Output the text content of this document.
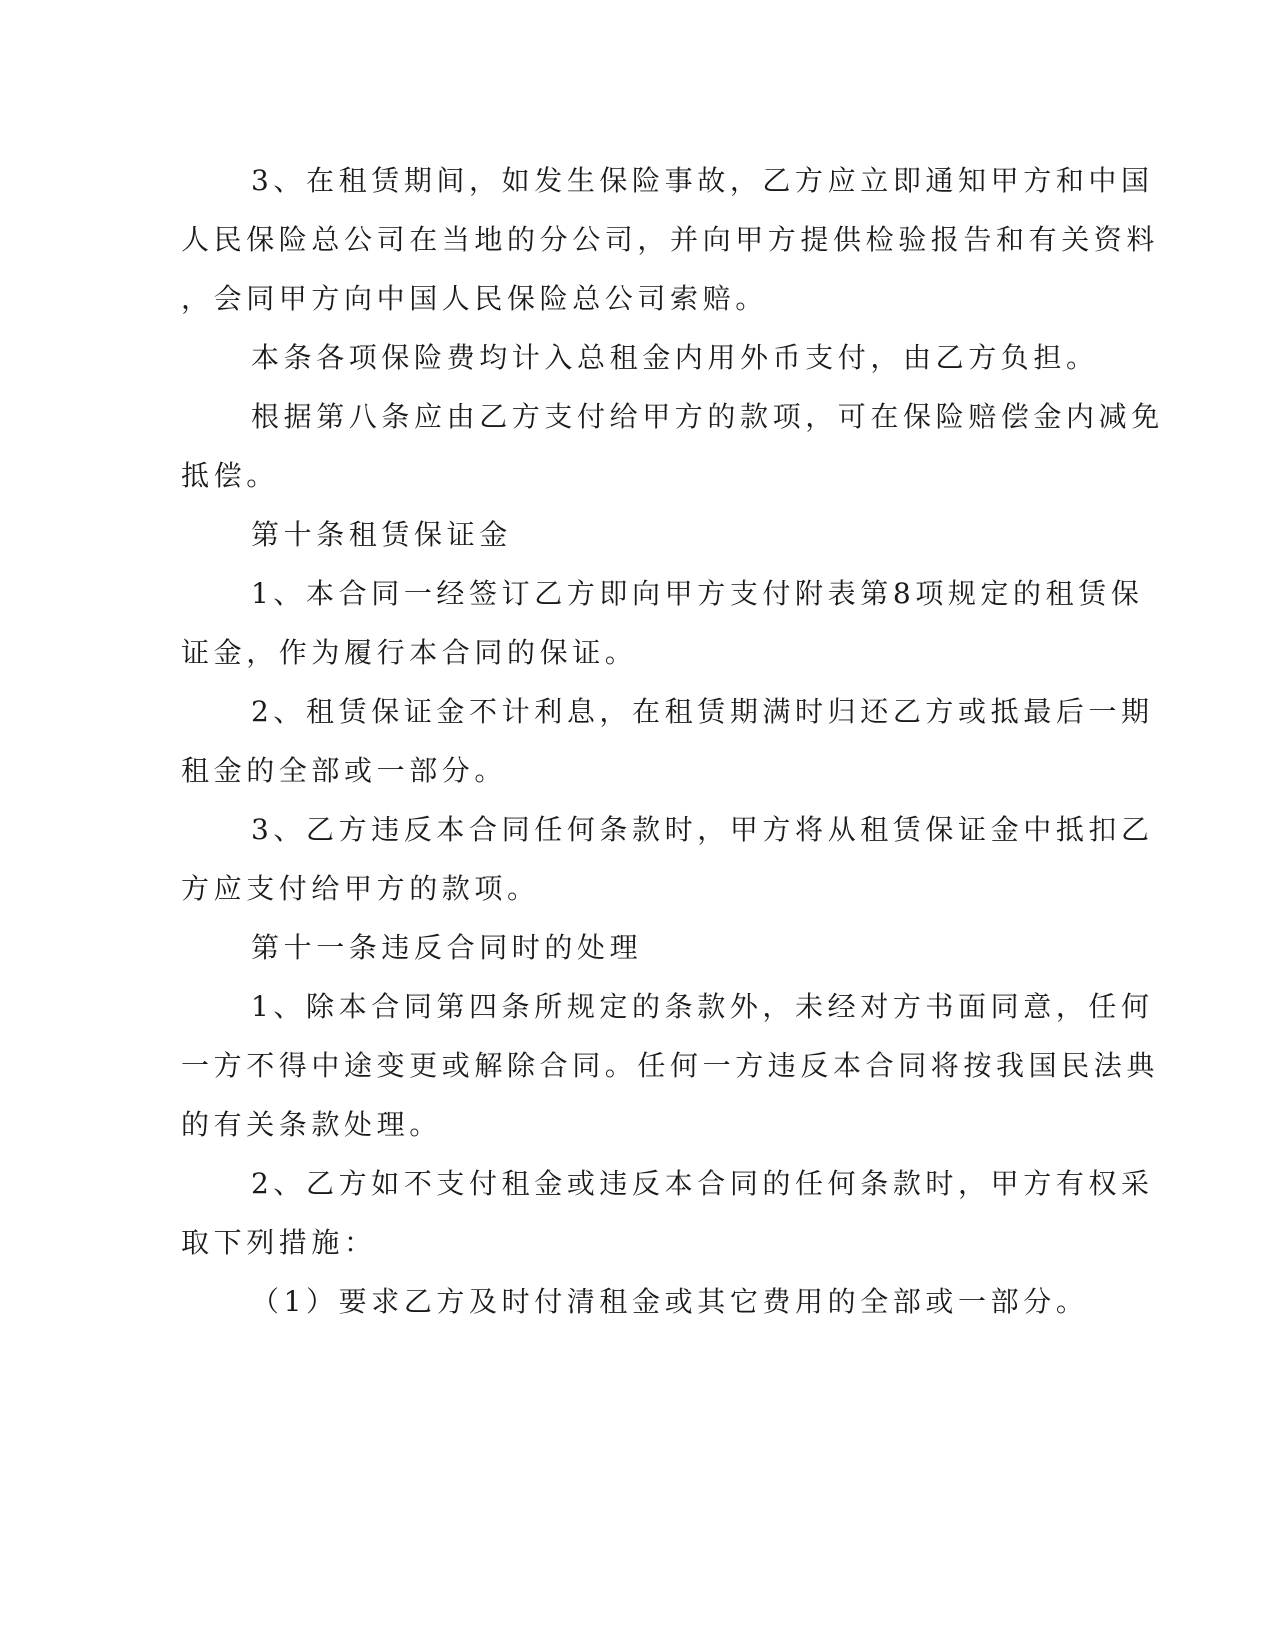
3、在租赁期间，如发生保险事故，乙方应立即通知甲方和中国

人民保险总公司在当地的分公司，并向甲方提供检验报告和有关资料

，会同甲方向中国人民保险总公司索赔。

本条各项保险费均计入总租金内用外币支付，由乙方负担。

根据第八条应由乙方支付给甲方的款项，可在保险赔偿金内减免

抵偿。

第十条租赁保证金

1、本合同一经签订乙方即向甲方支付附表第8项规定的租赁保

证金，作为履行本合同的保证。

2、租赁保证金不计利息，在租赁期满时归还乙方或抵最后一期

租金的全部或一部分。

3、乙方违反本合同任何条款时，甲方将从租赁保证金中抵扣乙

方应支付给甲方的款项。

第十一条违反合同时的处理

1、除本合同第四条所规定的条款外，未经对方书面同意，任何

一方不得中途变更或解除合同。任何一方违反本合同将按我国民法典

的有关条款处理。

2、乙方如不支付租金或违反本合同的任何条款时，甲方有权采

取下列措施：

（1）要求乙方及时付清租金或其它费用的全部或一部分。
